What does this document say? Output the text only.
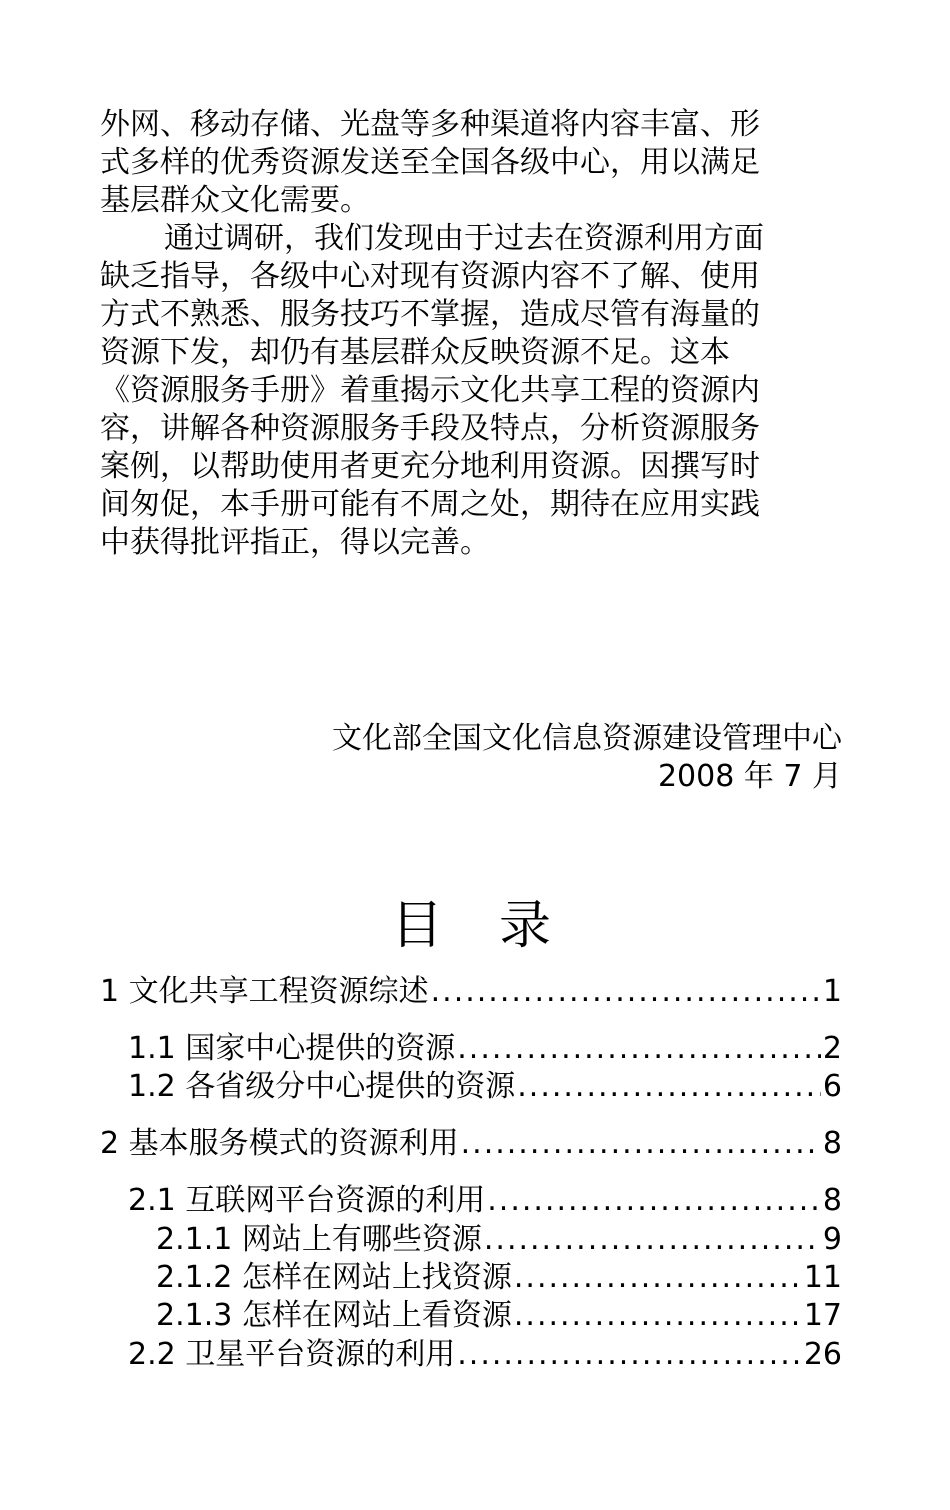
外网、移动存储、光盘等多种渠道将内容丰富、形
式多样的优秀资源发送至全国各级中心，用以满足
基层群众文化需要。

通过调研，我们发现由于过去在资源利用方面
缺乏指导，各级中心对现有资源内容不了解、使用
方式不熟悉、服务技巧不掌握，造成尽管有海量的
资源下发，却仍有基层群众反映资源不足。这本
《资源服务手册》着重揭示文化共享工程的资源内
容，讲解各种资源服务手段及特点，分析资源服务
案例，以帮助使用者更充分地利用资源。因撰写时
间匆促，本手册可能有不周之处，期待在应用实践
中获得批评指正，得以完善。

文化部全国文化信息资源建设管理中心
2008 年 7 月
目录
1 文化共享工程资源综述 .....	1
1.1 国家中心提供的资源 .....	2
1.2 各省级分中心提供的资源 .....	6
2 基本服务模式的资源利用 .....	8
2.1 互联网平台资源的利用 .....	8
2.1.1 网站上有哪些资源 .....	9
2.1.2 怎样在网站上找资源 .....	11
2.1.3 怎样在网站上看资源 .....	17
2.2 卫星平台资源的利用 .....	26
